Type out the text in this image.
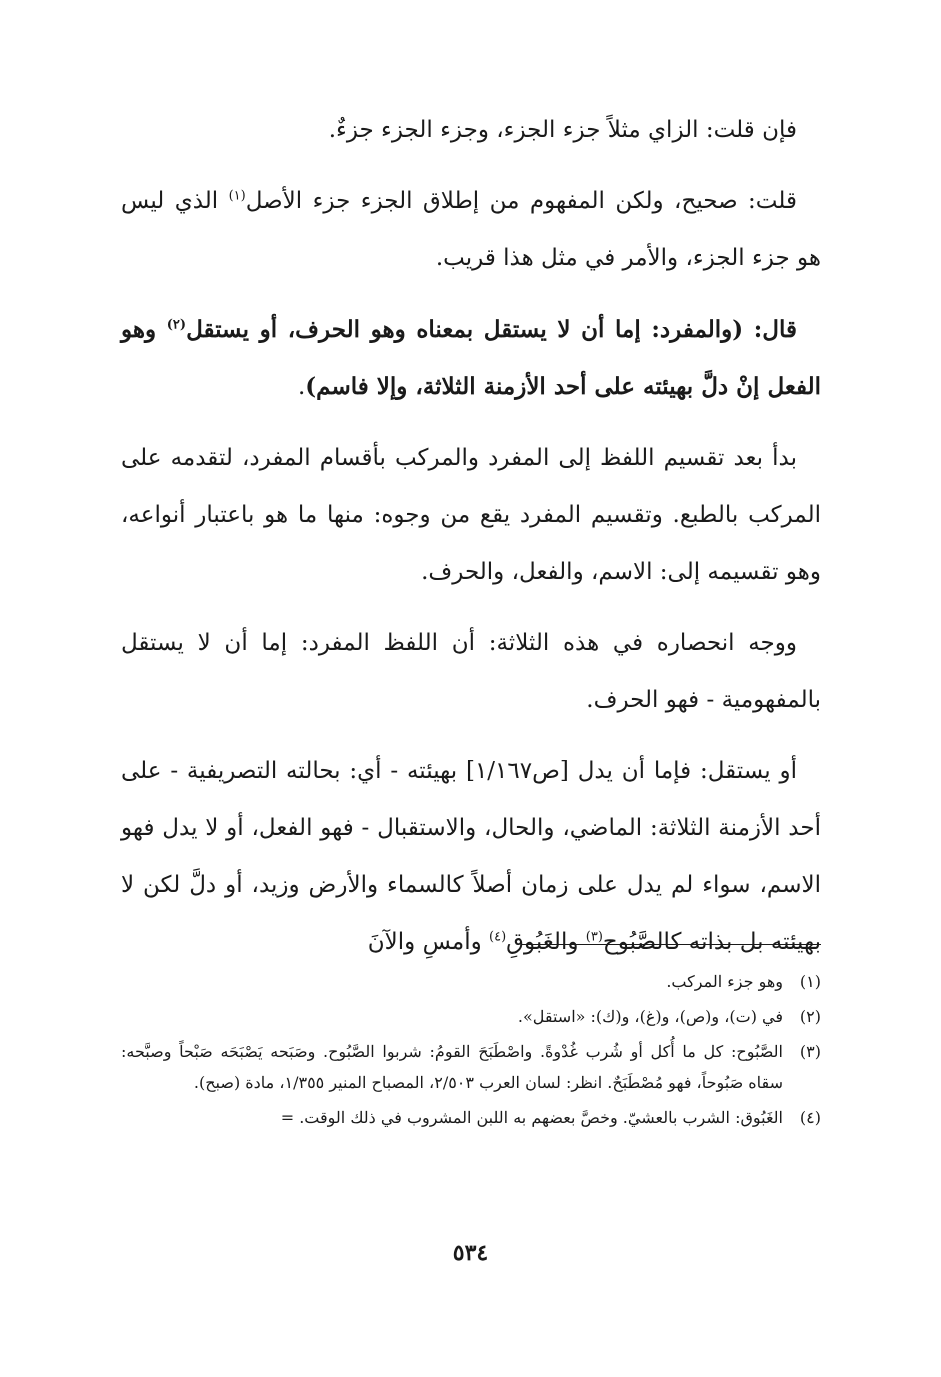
فإن قلت: الزاي مثلاً جزء الجزء، وجزء الجزء جزءٌ.

قلت: صحيح، ولكن المفهوم من إطلاق الجزء جزء الأصل$^{(١)}$ الذي ليس هو جزء الجزء، والأمر في مثل هذا قريب.

قال: (والمفرد: إما أن لا يستقل بمعناه وهو الحرف، أو يستقل$^{(٢)}$ وهو الفعل إنْ دلَّ بهيئته على أحد الأزمنة الثلاثة، وإلا فاسم).

بدأ بعد تقسيم اللفظ إلى المفرد والمركب بأقسام المفرد، لتقدمه على المركب بالطبع. وتقسيم المفرد يقع من وجوه: منها ما هو باعتبار أنواعه، وهو تقسيمه إلى: الاسم، والفعل، والحرف.

ووجه انحصاره في هذه الثلاثة: أن اللفظ المفرد: إما أن لا يستقل بالمفهومية - فهو الحرف.

أو يستقل: فإما أن يدل [ص١/١٦٧] بهيئته - أي: بحالته التصريفية - على أحد الأزمنة الثلاثة: الماضي، والحال، والاستقبال - فهو الفعل، أو لا يدل فهو الاسم، سواء لم يدل على زمان أصلاً كالسماء والأرض وزيد، أو دلَّ لكن لا بهيئته بل بذاته كالصَّبُوح$^{(٣)}$ والغَبُوقِ$^{(٤)}$ وأمسِ والآنَ

(١)
وهو جزء المركب.
(٢)
في (ت)، و(ص)، و(غ)، و(ك): «استقل».
(٣)
الصَّبُوح: كل ما أُكل أو شُرب غُدْوةً. واصْطَبَحَ القومُ: شربوا الصَّبُوح. وصَبَحه يَصْبَحَه صَبْحاً وصبَّحه: سقاه صَبُوحاً، فهو مُصْطَبَحٌ. انظر: لسان العرب ٢/٥٠٣، المصباح المنير ١/٣٥٥، مادة (صبح).
(٤)
الغَبُوق: الشرب بالعشيّ. وخصَّ بعضهم به اللبن المشروب في ذلك الوقت. =
٥٣٤
